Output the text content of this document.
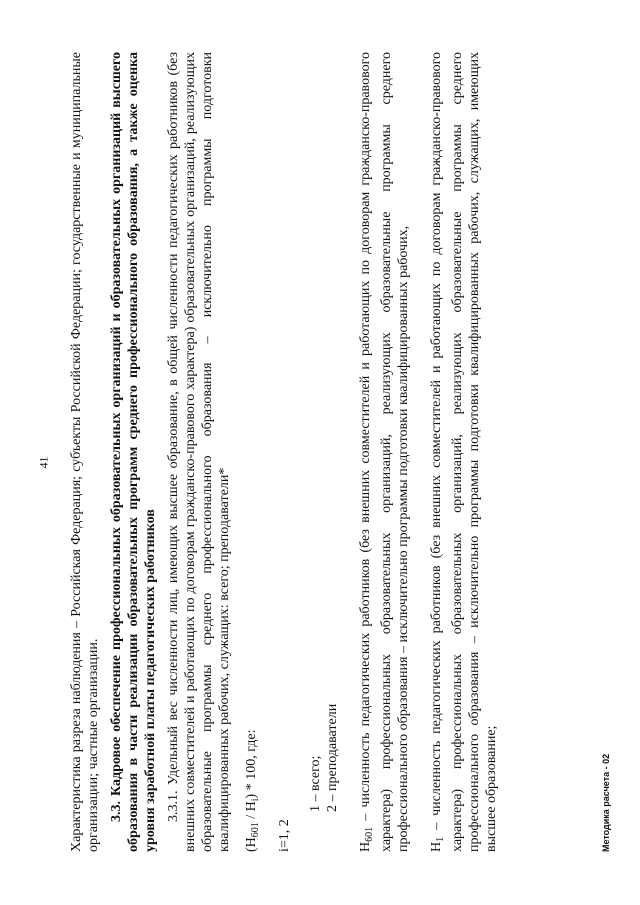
41 Характеристика разреза наблюдения – Российская Федерация; субъекты Российской Федерации; государственные и муниципальные организации; частные организации. 3.3. Кадровое обеспечение профессиональных образовательных организаций и образовательных организаций высшего образования в части реализации образовательных программ среднего профессионального образования, а также оценка уровня заработной платы педагогических работников 3.3.1. Удельный вес численности лиц, имеющих высшее образование, в общей численности педагогических работников (без внешних совместителей и работающих по договорам гражданско-правового характера) образовательных организаций, реализующих образовательные программы среднего профессионального образования – исключительно программы подготовки квалифицированных рабочих, служащих: всего; преподаватели* $(Н_{601} / Н_i) * 100$, где:
i=1, 2
1 – всего; 2 – преподаватели

$Н_{601}$ – численность педагогических работников (без внешних совместителей и работающих по договорам гражданско-правового характера) профессиональных образовательных организаций, реализующих образовательные программы среднего профессионального образования – исключительно программы подготовки квалифицированных рабочих, $Н_1$ – численность педагогических работников (без внешних совместителей и работающих по договорам гражданско-правового характера) профессиональных образовательных организаций, реализующих образовательные программы среднего профессионального образования – исключительно программы подготовки квалифицированных рабочих, служащих, имеющих высшее образование;	Методика расчета - 02
